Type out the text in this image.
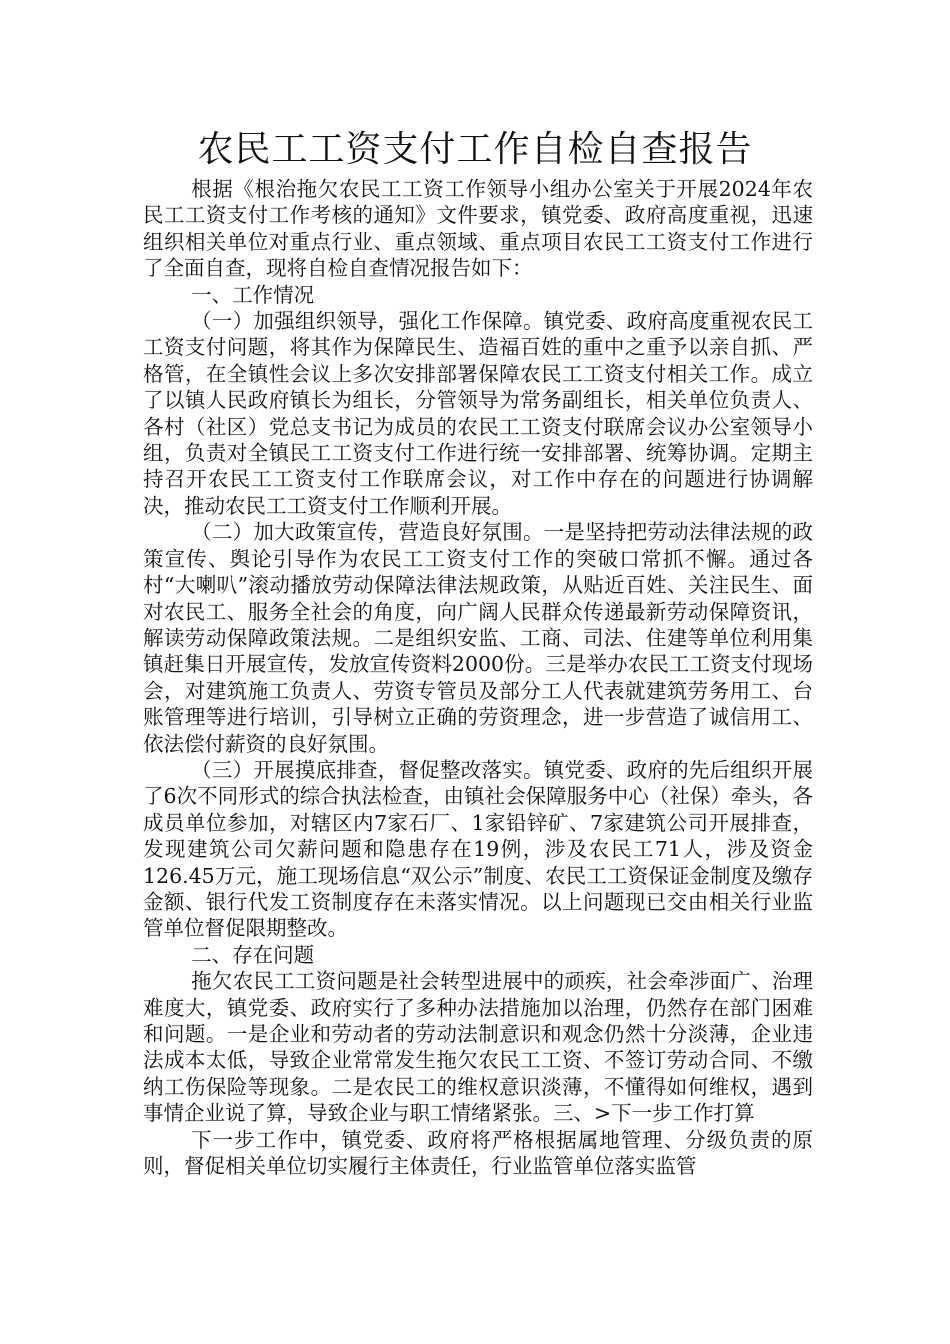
农民工工资支付工作自检自查报告

根据《根治拖欠农民工工资工作领导小组办公室关于开展2024年农民工工资支付工作考核的通知》文件要求，镇党委、政府高度重视，迅速组织相关单位对重点行业、重点领域、重点项目农民工工资支付工作进行了全面自查，现将自检自查情况报告如下：

一、工作情况

（一）加强组织领导，强化工作保障。镇党委、政府高度重视农民工工资支付问题，将其作为保障民生、造福百姓的重中之重予以亲自抓、严格管，在全镇性会议上多次安排部署保障农民工工资支付相关工作。成立了以镇人民政府镇长为组长，分管领导为常务副组长，相关单位负责人、各村（社区）党总支书记为成员的农民工工资支付联席会议办公室领导小组，负责对全镇民工工资支付工作进行统一安排部署、统筹协调。定期主持召开农民工工资支付工作联席会议，对工作中存在的问题进行协调解决，推动农民工工资支付工作顺利开展。

（二）加大政策宣传，营造良好氛围。一是坚持把劳动法律法规的政策宣传、舆论引导作为农民工工资支付工作的突破口常抓不懈。通过各村“大喇叭”滚动播放劳动保障法律法规政策，从贴近百姓、关注民生、面对农民工、服务全社会的角度，向广阔人民群众传递最新劳动保障资讯，解读劳动保障政策法规。二是组织安监、工商、司法、住建等单位利用集镇赶集日开展宣传，发放宣传资料2000份。三是举办农民工工资支付现场会，对建筑施工负责人、劳资专管员及部分工人代表就建筑劳务用工、台账管理等进行培训，引导树立正确的劳资理念，进一步营造了诚信用工、依法偿付薪资的良好氛围。

（三）开展摸底排查，督促整改落实。镇党委、政府的先后组织开展了6次不同形式的综合执法检查，由镇社会保障服务中心（社保）牵头，各成员单位参加，对辖区内7家石厂、1家铅锌矿、7家建筑公司开展排查，发现建筑公司欠薪问题和隐患存在19例，涉及农民工71人，涉及资金126.45万元，施工现场信息“双公示”制度、农民工工资保证金制度及缴存金额、银行代发工资制度存在未落实情况。以上问题现已交由相关行业监管单位督促限期整改。

二、存在问题

拖欠农民工工资问题是社会转型进展中的顽疾，社会牵涉面广、治理难度大，镇党委、政府实行了多种办法措施加以治理，仍然存在部门困难和问题。一是企业和劳动者的劳动法制意识和观念仍然十分淡薄，企业违法成本太低，导致企业常常发生拖欠农民工工资、不签订劳动合同、不缴纳工伤保险等现象。二是农民工的维权意识淡薄，不懂得如何维权，遇到事情企业说了算，导致企业与职工情绪紧张。三、>下一步工作打算

下一步工作中，镇党委、政府将严格根据属地管理、分级负责的原则，督促相关单位切实履行主体责任，行业监管单位落实监管
